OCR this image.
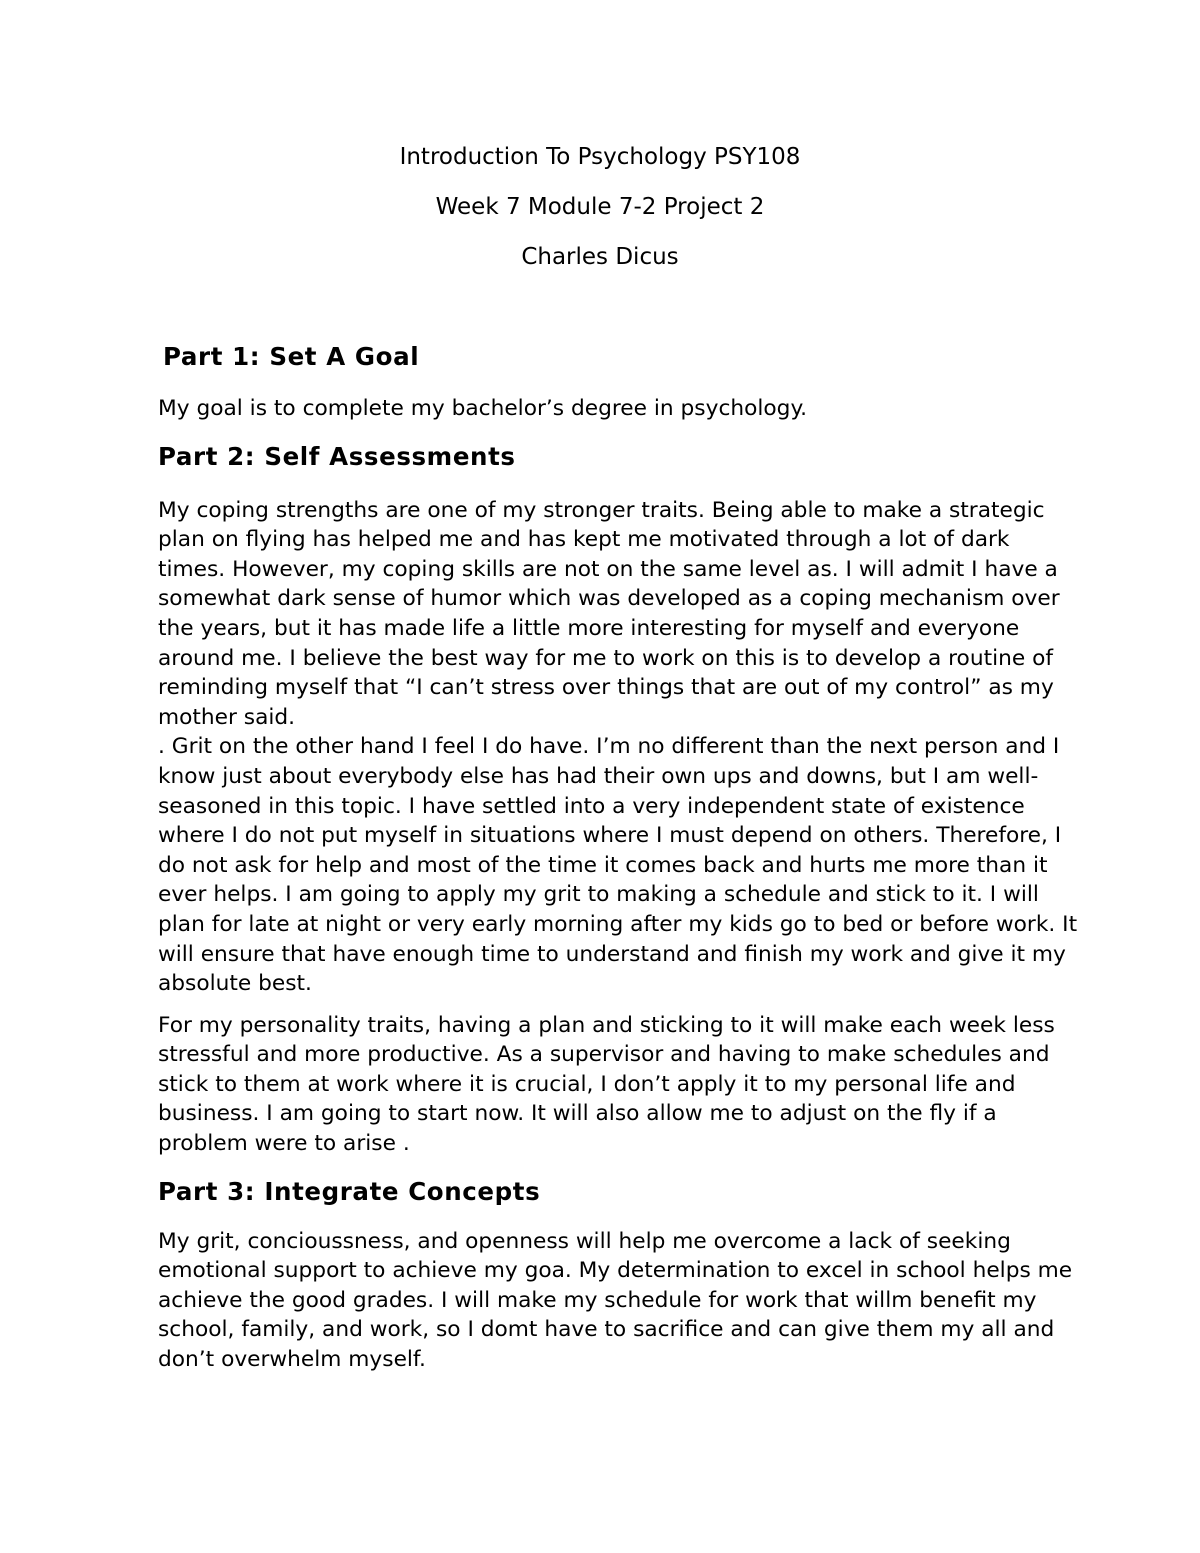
Introduction To Psychology PSY108

Week 7 Module 7-2 Project 2

Charles Dicus

Part 1: Set A Goal

My goal is to complete my bachelor’s degree in psychology.

Part 2: Self Assessments

My coping strengths are one of my stronger traits. Being able to make a strategic plan on flying has helped me and has kept me motivated through a lot of dark times. However, my coping skills are not on the same level as. I will admit I have a somewhat dark sense of humor which was developed as a coping mechanism over the years, but it has made life a little more interesting for myself and everyone around me. I believe the best way for me to work on this is to develop a routine of reminding myself that “I can’t stress over things that are out of my control” as my mother said.

. Grit on the other hand I feel I do have. I’m no different than the next person and I know just about everybody else has had their own ups and downs, but I am well-seasoned in this topic. I have settled into a very independent state of existence where I do not put myself in situations where I must depend on others. Therefore, I do not ask for help and most of the time it comes back and hurts me more than it ever helps. I am going to apply my grit to making a schedule and stick to it. I will plan for late at night or very early morning after my kids go to bed or before work. It will ensure that have enough time to understand and finish my work and give it my absolute best.

For my personality traits, having a plan and sticking to it will make each week less stressful and more productive. As a supervisor and having to make schedules and stick to them at work where it is crucial, I don’t apply it to my personal life and business. I am going to start now. It will also allow me to adjust on the fly if a problem were to arise .

Part 3: Integrate Concepts

My grit, concioussness, and openness will help me overcome a lack of seeking emotional support to achieve my goa. My determination to excel in school helps me achieve the good grades. I will make my schedule for work that willm benefit my school, family, and work, so I domt have to sacrifice and can give them my all and don’t overwhelm myself.
